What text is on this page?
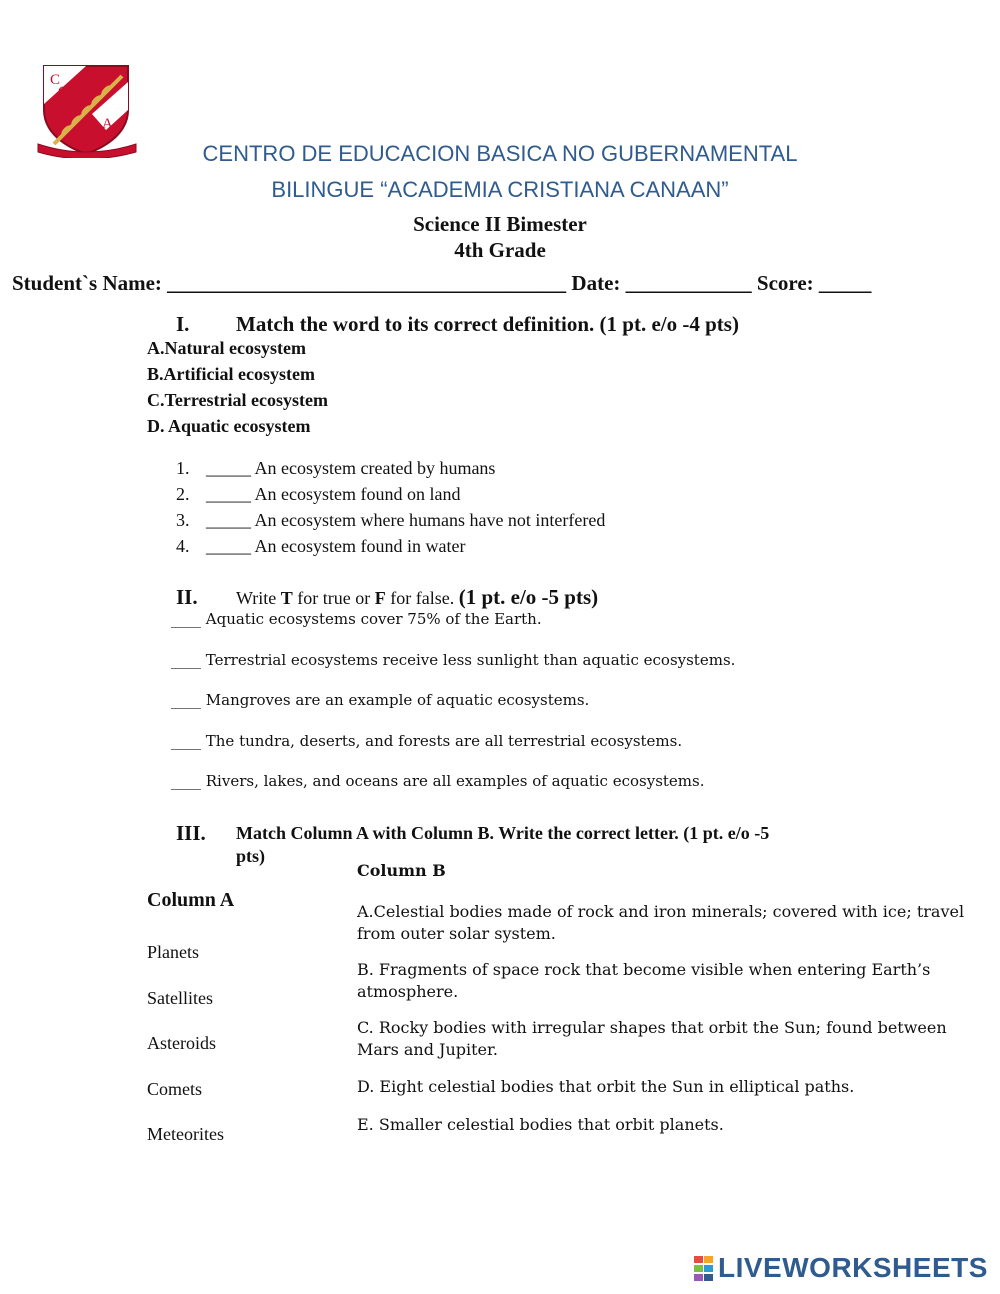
C
C
A
CENTRO DE EDUCACION BASICA NO GUBERNAMENTAL
BILINGUE “ACADEMIA CRISTIANA CANAAN”
Science II Bimester
4th Grade
Student`s Name: ______________________________________ Date: ____________ Score: _____
I. Match the word to its correct definition. (1 pt. e/o -4 pts)
A.Natural ecosystem
B.Artificial ecosystem
C.Terrestrial ecosystem
D. Aquatic ecosystem
1. _____ An ecosystem created by humans
2. _____ An ecosystem found on land
3. _____ An ecosystem where humans have not interfered
4. _____ An ecosystem found in water
II. Write T for true or F for false. (1 pt. e/o -5 pts)
____ Aquatic ecosystems cover 75% of the Earth.
____ Terrestrial ecosystems receive less sunlight than aquatic ecosystems.
____ Mangroves are an example of aquatic ecosystems.
____ The tundra, deserts, and forests are all terrestrial ecosystems.
____ Rivers, lakes, and oceans are all examples of aquatic ecosystems.
III. Match Column A with Column B. Write the correct letter. (1 pt. e/o -5
pts)
Column A
Planets
Satellites
Asteroids
Comets
Meteorites
Column B
A.Celestial bodies made of rock and iron minerals; covered with ice; travel from outer solar system.
B. Fragments of space rock that become visible when entering Earth’s atmosphere.
C. Rocky bodies with irregular shapes that orbit the Sun; found between Mars and Jupiter.
D. Eight celestial bodies that orbit the Sun in elliptical paths.
E. Smaller celestial bodies that orbit planets.
LIVEWORKSHEETS
